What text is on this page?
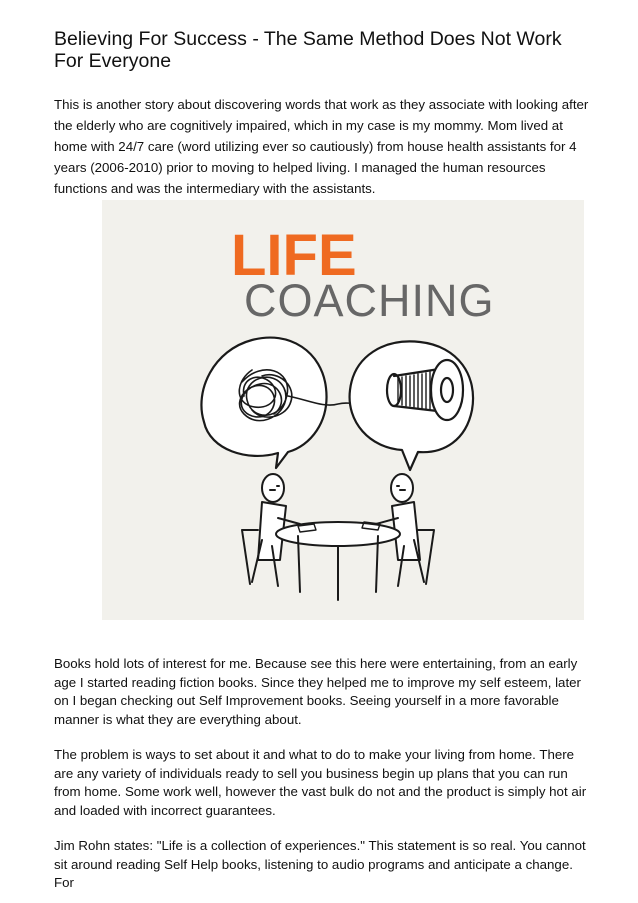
Believing For Success - The Same Method Does Not Work For Everyone

This is another story about discovering words that work as they associate with looking after the elderly who are cognitively impaired, which in my case is my mommy. Mom lived at home with 24/7 care (word utilizing ever so cautiously) from house health assistants for 4 years (2006-2010) prior to moving to helped living. I managed the human resources functions and was the intermediary with the assistants.

LIFE
COACHING

Books hold lots of interest for me. Because see this here were entertaining, from an early age I started reading fiction books. Since they helped me to improve my self esteem, later on I began checking out Self Improvement books. Seeing yourself in a more favorable manner is what they are everything about.

The problem is ways to set about it and what to do to make your living from home. There are any variety of individuals ready to sell you business begin up plans that you can run from home. Some work well, however the vast bulk do not and the product is simply hot air and loaded with incorrect guarantees.

Jim Rohn states: "Life is a collection of experiences." This statement is so real. You cannot sit around reading Self Help books, listening to audio programs and anticipate a change. For
